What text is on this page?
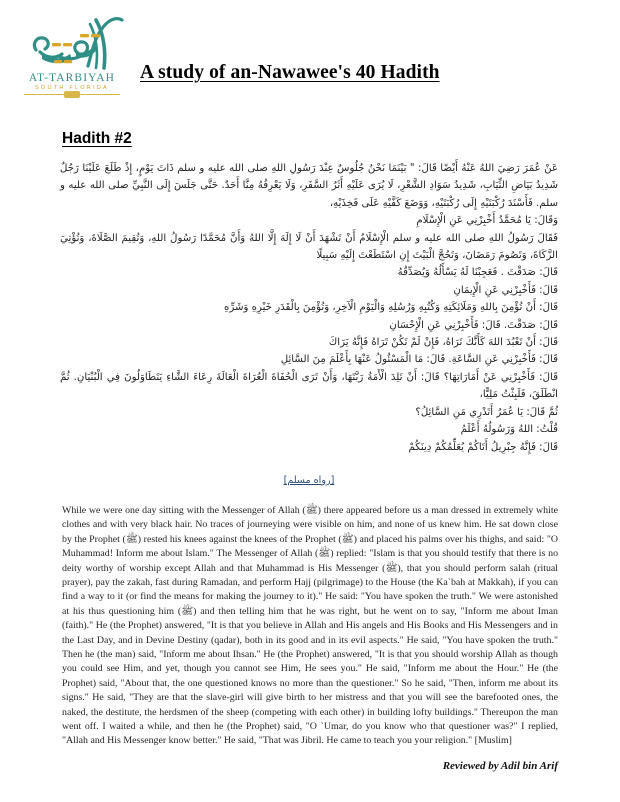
AT-TARBIYAH
SOUTH FLORIDA
A study of an-Nawawee's 40 Hadith
Hadith #2

عَنْ عُمَرَ رَضِيَ اللهُ عَنْهُ أَيْضًا قَالَ: " بَيْنَمَا نَحْنُ جُلُوسٌ عِنْدَ رَسُولِ اللهِ صلى الله عليه و سلم ذَاتَ يَوْمٍ، إِذْ طَلَعَ عَلَيْنَا رَجُلٌ شَدِيدُ بَيَاضِ الثِّيَابِ، شَدِيدُ سَوَادِ الشَّعْرِ، لَا يُرَى عَلَيْهِ أَثَرُ السَّفَرِ، وَلَا يَعْرِفُهُ مِنَّا أَحَدٌ. حَتَّى جَلَسَ إِلَى النَّبِيِّ صلى الله عليه و سلم. فَأَسْنَدَ رُكْبَتَيْهِ إِلَى رُكْبَتَيْهِ، وَوَضَعَ كَفَّيْهِ عَلَى فَخِذَيْهِ،

وَقَالَ: يَا مُحَمَّدُ أَخْبِرْنِي عَنِ الْإِسْلَامِ

فَقَالَ رَسُولُ اللهِ صلى الله عليه و سلم الْإِسْلَامُ أَنْ تَشْهَدَ أَنْ لَا إِلَهَ إِلَّا اللهُ وَأَنَّ مُحَمَّدًا رَسُولُ اللهِ، وَتُقِيمَ الصَّلَاةَ، وَتُؤْتِيَ الزَّكَاةَ، وَتَصُومَ رَمَضَانَ، وَتَحُجَّ الْبَيْتَ إِنِ اسْتَطَعْتَ إِلَيْهِ سَبِيلًا

قَالَ: صَدَقْتَ . فَعَجِبْنَا لَهُ يَسْأَلُهُ وَيُصَدِّقُهُ

قَالَ: فَأَخْبِرْنِي عَنِ الْإِيمَانِ

قَالَ: أَنْ تُؤْمِنَ بِاللهِ وَمَلَائِكَتِهِ وَكُتُبِهِ وَرُسُلِهِ وَالْيَوْمِ الْآخِرِ، وَتُؤْمِنَ بِالْقَدَرِ خَيْرِهِ وَشَرِّهِ

قَالَ: صَدَقْتَ. قَالَ: فَأَخْبِرْنِي عَنِ الْإِحْسَانِ

قَالَ: أَنْ تَعْبُدَ اللهَ كَأَنَّكَ تَرَاهُ، فَإِنْ لَمْ تَكُنْ تَرَاهُ فَإِنَّهُ يَرَاكَ

قَالَ: فَأَخْبِرْنِي عَنِ السَّاعَةِ. قَالَ: مَا الْمَسْئُولُ عَنْهَا بِأَعْلَمَ مِنَ السَّائِلِ

قَالَ: فَأَخْبِرْنِي عَنْ أَمَارَاتِهَا؟ قَالَ: أَنْ تَلِدَ الْأَمَةُ رَبَّتَهَا، وَأَنْ تَرَى الْحُفَاةَ الْعُرَاةَ الْعَالَةَ رِعَاءَ الشَّاءِ يَتَطَاوَلُونَ فِي الْبُنْيَانِ. ثُمَّ انْطَلَقَ، فَلَبِثْتُ مَلِيًّا،

ثُمَّ قَالَ: يَا عُمَرُ أَتَدْرِي مَنِ السَّائِلُ؟

قُلْتُ: اللهُ وَرَسُولُهُ أَعْلَمُ

قَالَ: فَإِنَّهُ جِبْرِيلُ أَتَاكُمْ يُعَلِّمُكُمْ دِينَكُمْ

[رواه مسلم]

While we were one day sitting with the Messenger of Allah (ﷺ) there appeared before us a man dressed in extremely white clothes and with very black hair. No traces of journeying were visible on him, and none of us knew him. He sat down close by the Prophet (ﷺ) rested his knees against the knees of the Prophet (ﷺ) and placed his palms over his thighs, and said: "O Muhammad! Inform me about Islam." The Messenger of Allah (ﷺ) replied: "Islam is that you should testify that there is no deity worthy of worship except Allah and that Muhammad is His Messenger (ﷺ), that you should perform salah (ritual prayer), pay the zakah, fast during Ramadan, and perform Hajj (pilgrimage) to the House (the Ka`bah at Makkah), if you can find a way to it (or find the means for making the journey to it)." He said: "You have spoken the truth." We were astonished at his thus questioning him (ﷺ) and then telling him that he was right, but he went on to say, "Inform me about Iman (faith)." He (the Prophet) answered, "It is that you believe in Allah and His angels and His Books and His Messengers and in the Last Day, and in Devine Destiny (qadar), both in its good and in its evil aspects." He said, "You have spoken the truth." Then he (the man) said, "Inform me about Ihsan." He (the Prophet) answered, "It is that you should worship Allah as though you could see Him, and yet, though you cannot see Him, He sees you." He said, "Inform me about the Hour." He (the Prophet) said, "About that, the one questioned knows no more than the questioner." So he said, "Then, inform me about its signs." He said, "They are that the slave-girl will give birth to her mistress and that you will see the barefooted ones, the naked, the destitute, the herdsmen of the sheep (competing with each other) in building lofty buildings." Thereupon the man went off. I waited a while, and then he (the Prophet) said, "O `Umar, do you know who that questioner was?" I replied, "Allah and His Messenger know better." He said, "That was Jibril. He came to teach you your religion." [Muslim]

Reviewed by Adil bin Arif
